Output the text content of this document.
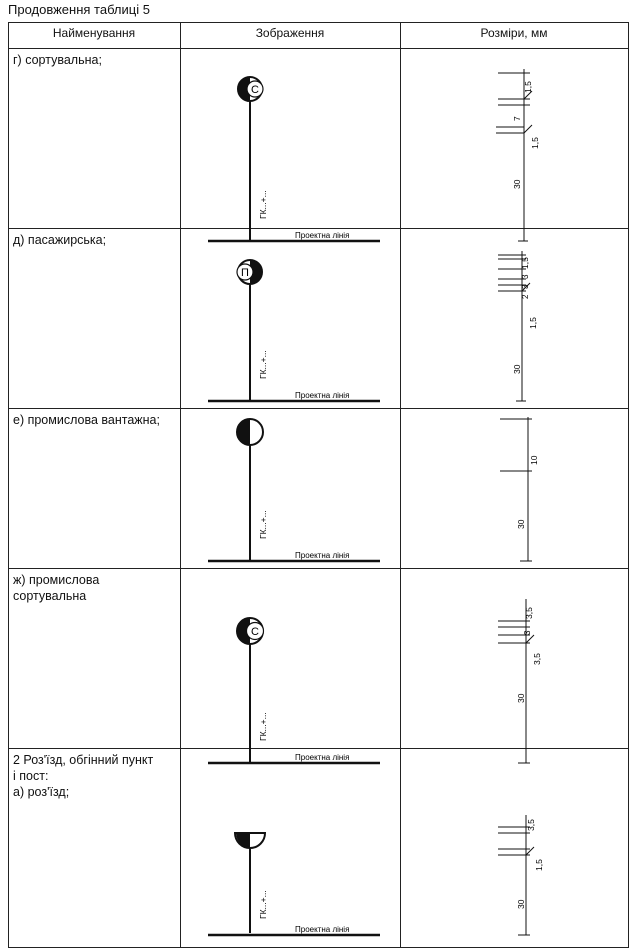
Продовження таблиці 5
Найменування	Зображення	Розміри, мм
г) сортувальна;
С
ГК...+...
Проектна лінія
1,5
7
1,5
30
д) пасажирська;
П
ГК...+...
Проектна лінія
1,5
3
3
2
1,5
30
е) промислова вантажна;
ГК...+...
Проектна лінія
10
30
ж) промислова
сортувальна
С
ГК...+...
Проектна лінія
3,5
3
3,5
30
2 Роз'їзд, обгінний пункт
і пост:
а) роз'їзд;
ГК...+...
Проектна лінія
3,5
1,5
30
